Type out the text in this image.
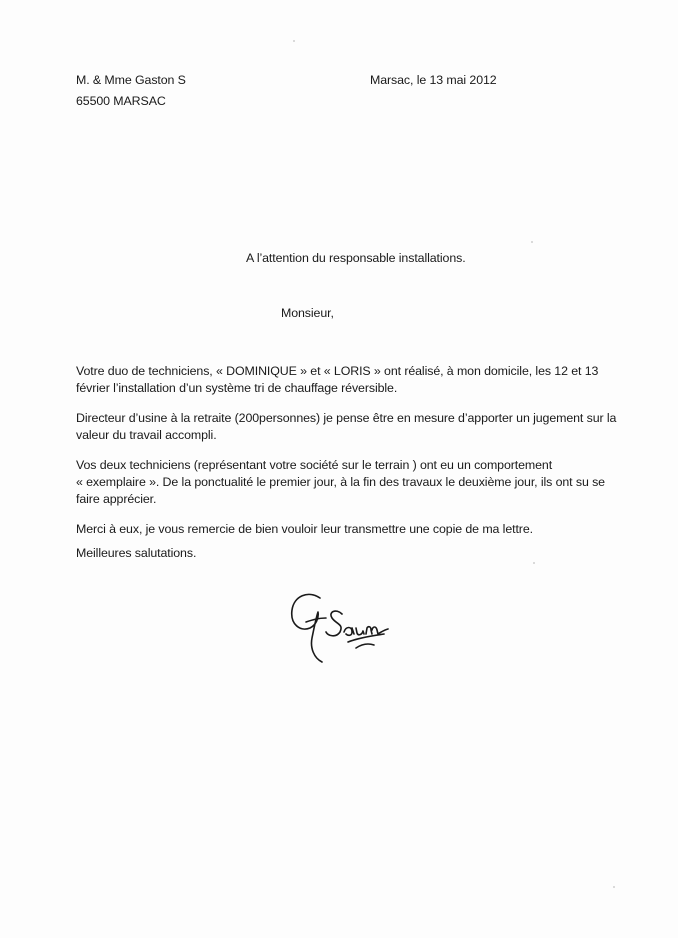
M. & Mme Gaston S
65500 MARSAC
Marsac, le 13 mai 2012
A l’attention du responsable installations.
Monsieur,
Votre duo de techniciens, « DOMINIQUE » et « LORIS » ont réalisé, à mon domicile, les 12 et 13
février l’installation d’un système tri de chauffage réversible.
Directeur d’usine à la retraite (200personnes) je pense être en mesure d’apporter un jugement sur la
valeur du travail accompli.
Vos deux techniciens (représentant votre société sur le terrain ) ont eu un comportement
« exemplaire ». De la ponctualité le premier jour, à la fin des travaux le deuxième jour, ils ont su se
faire apprécier.
Merci à eux, je vous remercie de bien vouloir leur transmettre une copie de ma lettre.
Meilleures salutations.
